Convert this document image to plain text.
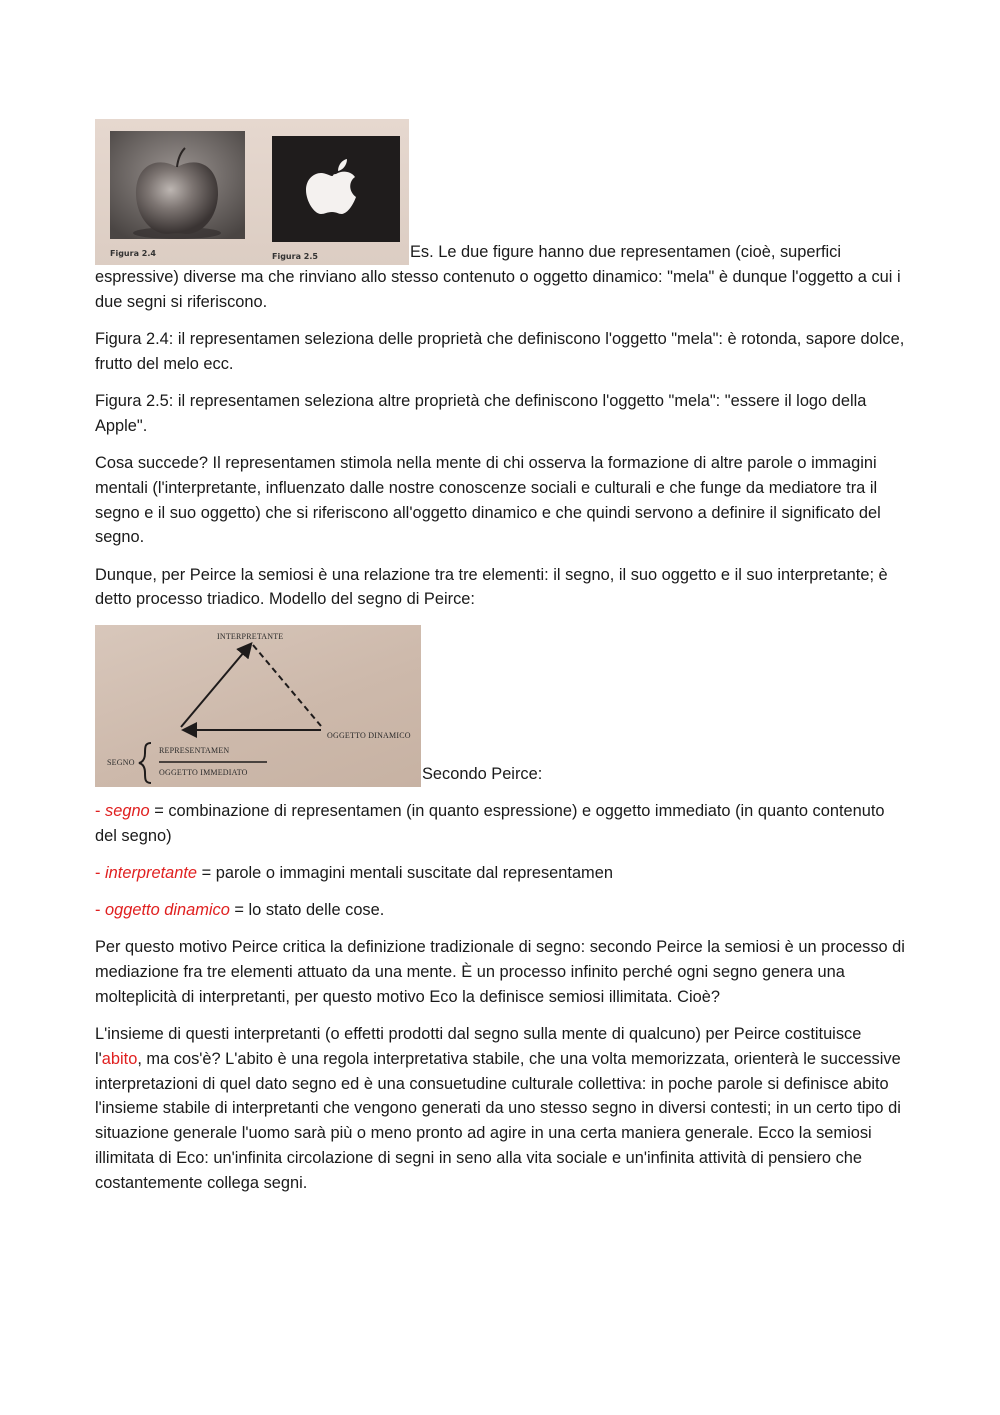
Figura 2.4	Figura 2.5	Es. Le due figure hanno due representamen (cioè, superfici espressive) diverse ma che rinviano allo stesso contenuto o oggetto dinamico: "mela" è dunque l'oggetto a cui i due segni si riferiscono.

Figura 2.4: il representamen seleziona delle proprietà che definiscono l'oggetto "mela": è rotonda, sapore dolce, frutto del melo ecc.

Figura 2.5: il representamen seleziona altre proprietà che definiscono l'oggetto "mela": "essere il logo della Apple".

Cosa succede? Il representamen stimola nella mente di chi osserva la formazione di altre parole o immagini mentali (l'interpretante, influenzato dalle nostre conoscenze sociali e culturali e che funge da mediatore tra il segno e il suo oggetto) che si riferiscono all'oggetto dinamico e che quindi servono a definire il significato del segno.

Dunque, per Peirce la semiosi è una relazione tra tre elementi: il segno, il suo oggetto e il suo interpretante; è detto processo triadico. Modello del segno di Peirce:

INTERPRETANTE
OGGETTO DINAMICO
SEGNO
REPRESENTAMEN
OGGETTO IMMEDIATO	Secondo Peirce:

- segno = combinazione di representamen (in quanto espressione) e oggetto immediato (in quanto contenuto del segno)

- interpretante = parole o immagini mentali suscitate dal representamen

- oggetto dinamico = lo stato delle cose.

Per questo motivo Peirce critica la definizione tradizionale di segno: secondo Peirce la semiosi è un processo di mediazione fra tre elementi attuato da una mente. È un processo infinito perché ogni segno genera una molteplicità di interpretanti, per questo motivo Eco la definisce semiosi illimitata. Cioè?

L'insieme di questi interpretanti (o effetti prodotti dal segno sulla mente di qualcuno) per Peirce costituisce l'abito, ma cos'è? L'abito è una regola interpretativa stabile, che una volta memorizzata, orienterà le successive interpretazioni di quel dato segno ed è una consuetudine culturale collettiva: in poche parole si definisce abito l'insieme stabile di interpretanti che vengono generati da uno stesso segno in diversi contesti; in un certo tipo di situazione generale l'uomo sarà più o meno pronto ad agire in una certa maniera generale. Ecco la semiosi illimitata di Eco: un'infinita circolazione di segni in seno alla vita sociale e un'infinita attività di pensiero che costantemente collega segni.
